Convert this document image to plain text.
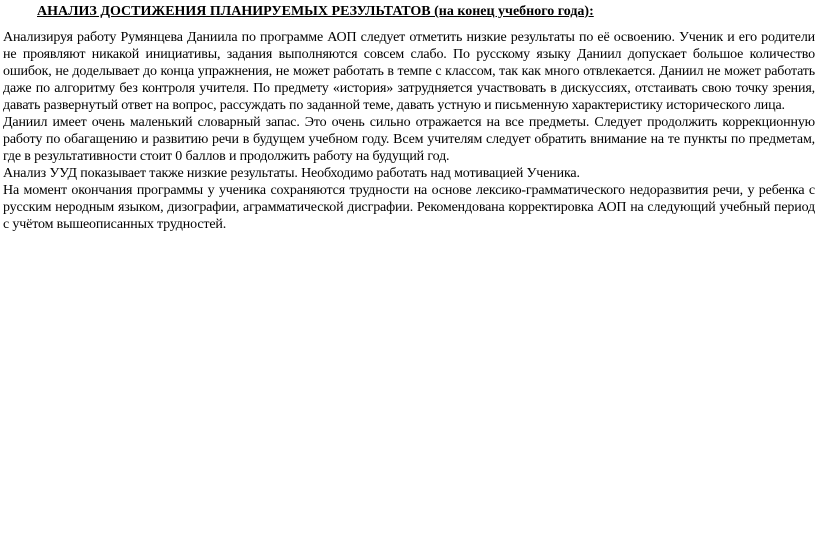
АНАЛИЗ ДОСТИЖЕНИЯ ПЛАНИРУЕМЫХ РЕЗУЛЬТАТОВ (на конец учебного года):

Анализируя работу Румянцева Даниила по программе АОП следует отметить низкие результаты по её освоению. Ученик и его родители не проявляют никакой инициативы, задания выполняются совсем слабо. По русскому языку Даниил допускает большое количество ошибок, не доделывает до конца упражнения, не может работать в темпе с классом, так как много отвлекается. Даниил не может работать даже по алгоритму без контроля учителя. По предмету «история» затрудняется участвовать в дискуссиях, отстаивать свою точку зрения, давать развернутый ответ на вопрос, рассуждать по заданной теме, давать устную и письменную характеристику исторического лица.

Даниил имеет очень маленький словарный запас. Это очень сильно отражается на все предметы. Следует продолжить коррекционную работу по обагащению и развитию речи в будущем учебном году. Всем учителям следует обратить внимание на те пункты по предметам, где в результативности стоит 0 баллов и продолжить работу на будущий год.

Анализ УУД показывает также низкие результаты. Необходимо работать над мотивацией Ученика.

На момент окончания программы у ученика сохраняются трудности на основе лексико-грамматического недоразвития речи, у ребенка с русским неродным языком, дизографии, аграмматической дисграфии. Рекомендована корректировка АОП на следующий учебный период с учётом вышеописанных трудностей.
